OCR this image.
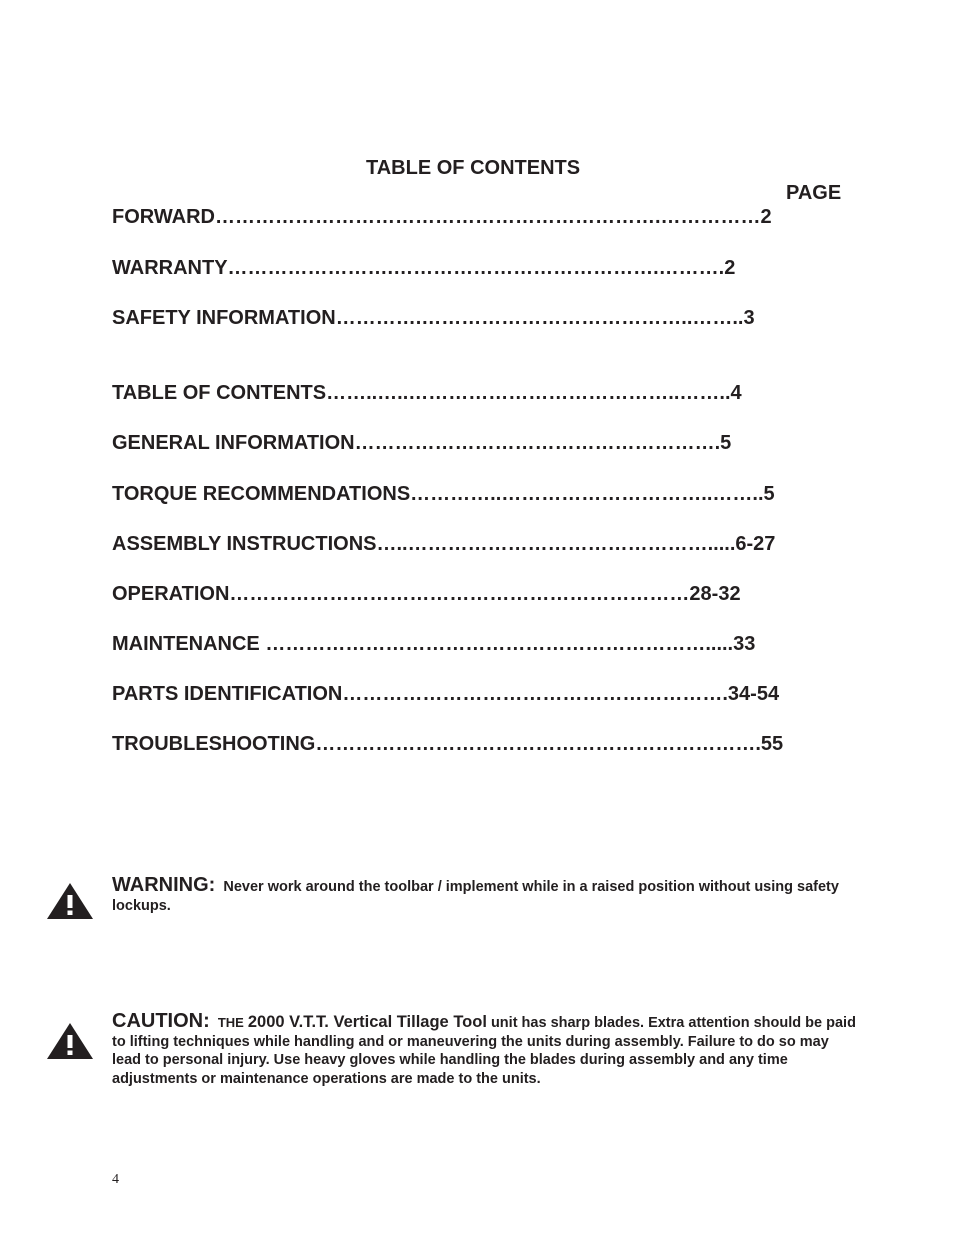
TABLE OF CONTENTS
PAGE
FORWARD………………………………………………………….……………2
WARRANTY…………………….………………………………….……….2
SAFETY INFORMATION………….…………………………………..……..3
TABLE OF CONTENTS……..…..…………………………………..……..4
GENERAL INFORMATION……………………………………………….5
TORQUE RECOMMENDATIONS…………..…………………………..……..5
ASSEMBLY INSTRUCTIONS…..……………………………………….....6-27
OPERATION……………………………………………………………28-32
MAINTENANCE ………………………………………………………….....33
PARTS IDENTIFICATION………………………………………………….34-54
TROUBLESHOOTING………………………………………………………….55
WARNING: Never work around the toolbar / implement while in a raised position without using safety lockups.
CAUTION: THE 2000 V.T.T. Vertical Tillage Tool unit has sharp blades. Extra attention should be paid to lifting techniques while handling and or maneuvering the units during assembly. Failure to do so may lead to personal injury. Use heavy gloves while handling the blades during assembly and any time adjustments or maintenance operations are made to the units.
4
